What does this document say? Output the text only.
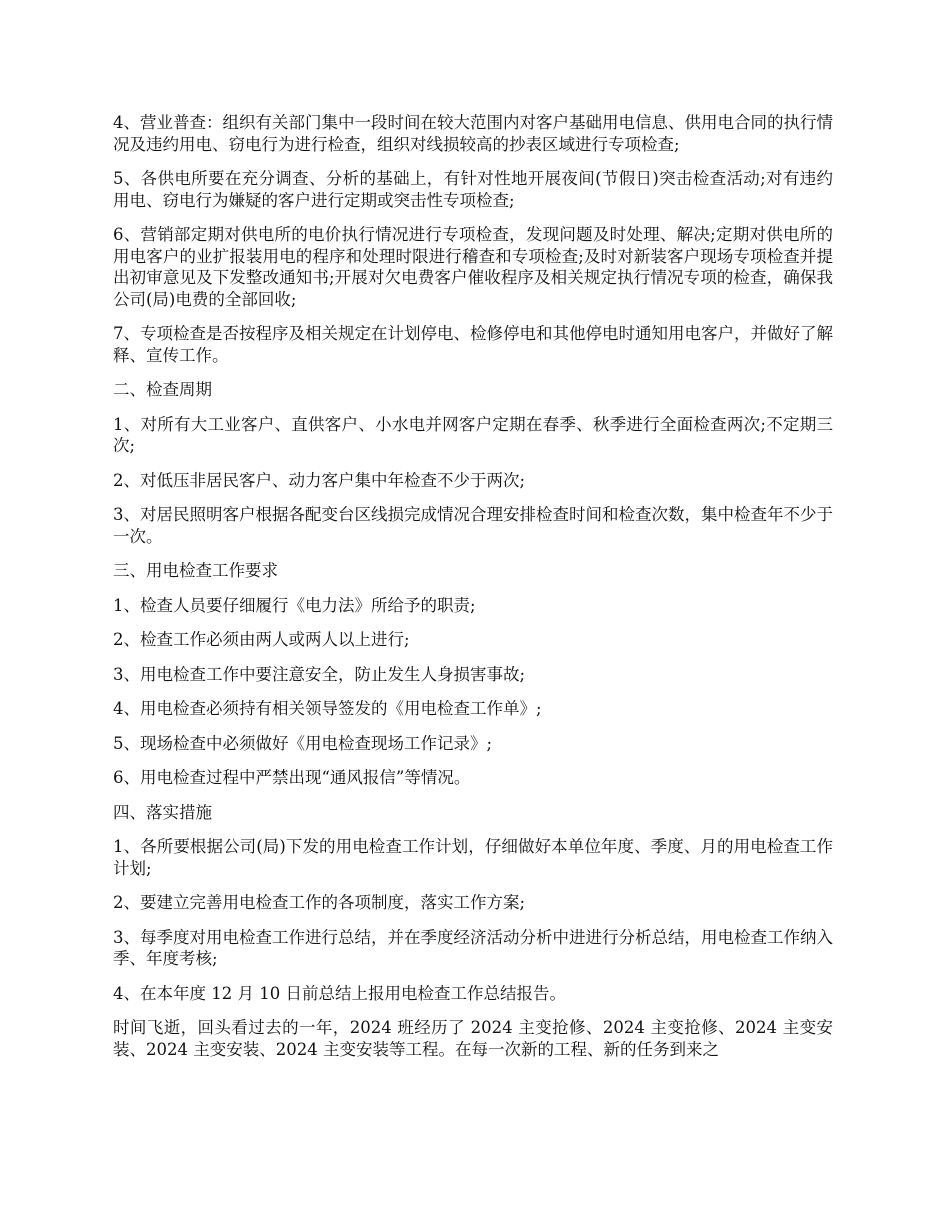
4、营业普查：组织有关部门集中一段时间在较大范围内对客户基础用电信息、供用电合同的执行情况及违约用电、窃电行为进行检查，组织对线损较高的抄表区域进行专项检查;

5、各供电所要在充分调查、分析的基础上，有针对性地开展夜间(节假日)突击检查活动;对有违约用电、窃电行为嫌疑的客户进行定期或突击性专项检查;

6、营销部定期对供电所的电价执行情况进行专项检查，发现问题及时处理、解决;定期对供电所的用电客户的业扩报装用电的程序和处理时限进行稽查和专项检查;及时对新装客户现场专项检查并提出初审意见及下发整改通知书;开展对欠电费客户催收程序及相关规定执行情况专项的检查，确保我公司(局)电费的全部回收;

7、专项检查是否按程序及相关规定在计划停电、检修停电和其他停电时通知用电客户，并做好了解释、宣传工作。

二、检查周期

1、对所有大工业客户、直供客户、小水电并网客户定期在春季、秋季进行全面检查两次;不定期三次;

2、对低压非居民客户、动力客户集中年检查不少于两次;

3、对居民照明客户根据各配变台区线损完成情况合理安排检查时间和检查次数，集中检查年不少于一次。

三、用电检查工作要求

1、检查人员要仔细履行《电力法》所给予的职责;

2、检查工作必须由两人或两人以上进行;

3、用电检查工作中要注意安全，防止发生人身损害事故;

4、用电检查必须持有相关领导签发的《用电检查工作单》;

5、现场检查中必须做好《用电检查现场工作记录》;

6、用电检查过程中严禁出现“通风报信”等情况。

四、落实措施

1、各所要根据公司(局)下发的用电检查工作计划，仔细做好本单位年度、季度、月的用电检查工作计划;

2、要建立完善用电检查工作的各项制度，落实工作方案;

3、每季度对用电检查工作进行总结，并在季度经济活动分析中进进行分析总结，用电检查工作纳入季、年度考核;

4、在本年度 12 月 10 日前总结上报用电检查工作总结报告。

时间飞逝，回头看过去的一年，2024 班经历了 2024 主变抢修、2024 主变抢修、2024 主变安装、2024 主变安装、2024 主变安装等工程。在每一次新的工程、新的任务到来之
